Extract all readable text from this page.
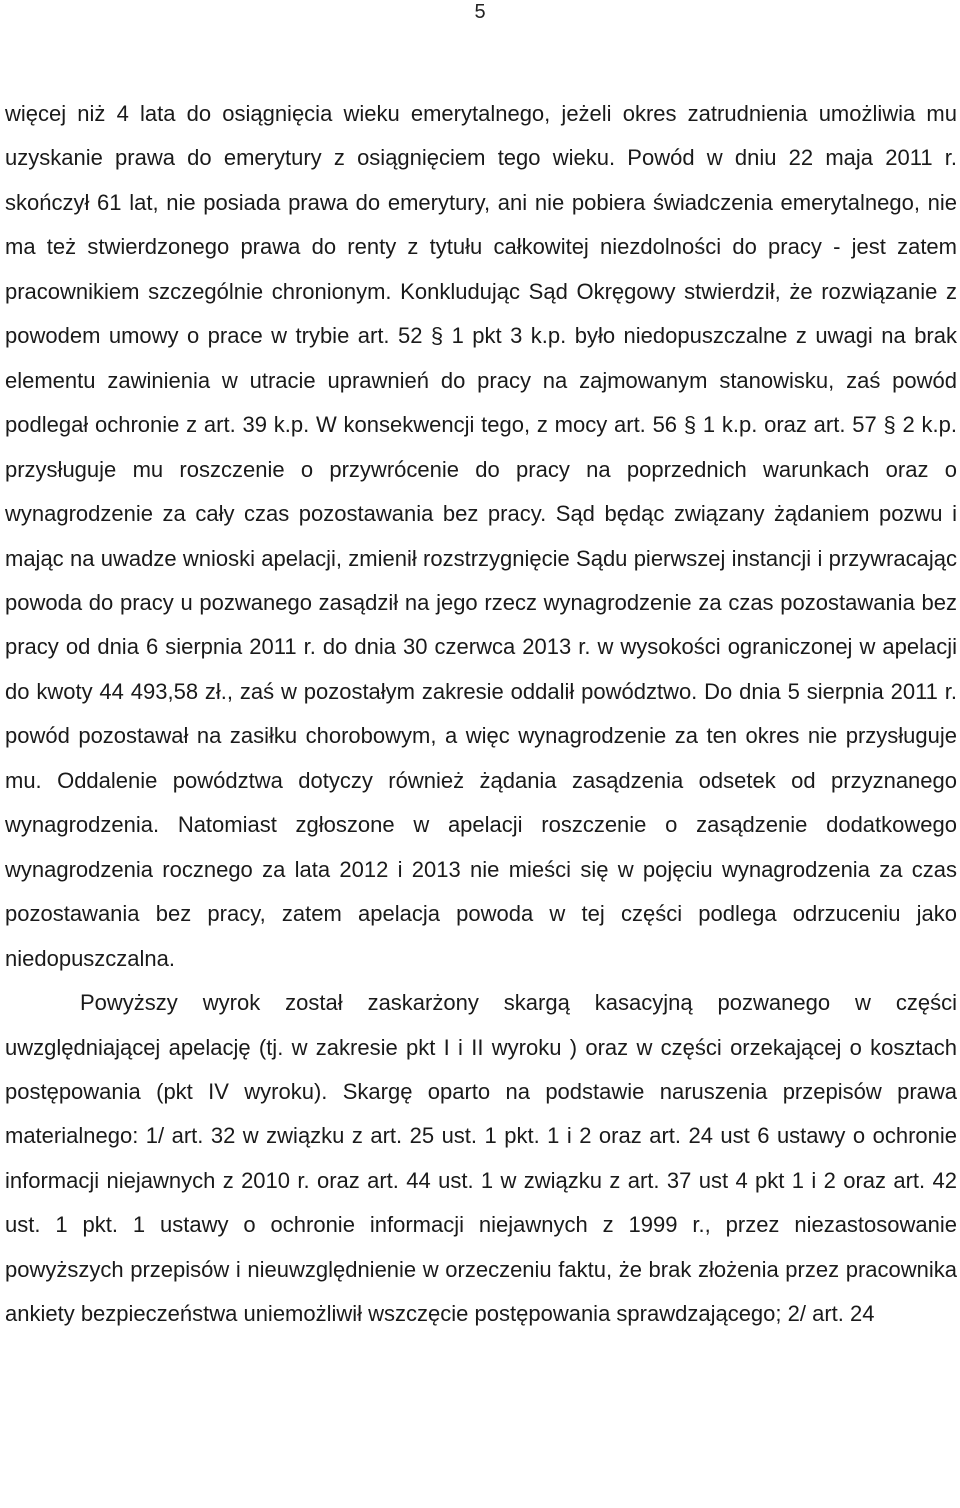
5

więcej niż 4 lata do osiągnięcia wieku emerytalnego, jeżeli okres zatrudnienia umożliwia mu uzyskanie prawa do emerytury z osiągnięciem tego wieku. Powód w dniu 22 maja 2011 r. skończył 61 lat, nie posiada prawa do emerytury, ani nie pobiera świadczenia emerytalnego, nie ma też stwierdzonego prawa do renty z tytułu całkowitej niezdolności do pracy - jest zatem pracownikiem szczególnie chronionym. Konkludując Sąd Okręgowy stwierdził, że rozwiązanie z powodem umowy o prace w trybie art. 52 § 1 pkt 3 k.p. było niedopuszczalne z uwagi na brak elementu zawinienia w utracie uprawnień do pracy na zajmowanym stanowisku, zaś powód podlegał ochronie z art. 39 k.p. W konsekwencji tego, z mocy art. 56 § 1 k.p. oraz art. 57 § 2 k.p. przysługuje mu roszczenie o przywrócenie do pracy na poprzednich warunkach oraz o wynagrodzenie za cały czas pozostawania bez pracy. Sąd będąc związany żądaniem pozwu i mając na uwadze wnioski apelacji, zmienił rozstrzygnięcie Sądu pierwszej instancji i przywracając powoda do pracy u pozwanego zasądził na jego rzecz wynagrodzenie za czas pozostawania bez pracy od dnia 6 sierpnia 2011 r. do dnia 30 czerwca 2013 r. w wysokości ograniczonej w apelacji do kwoty 44 493,58 zł., zaś w pozostałym zakresie oddalił powództwo. Do dnia 5 sierpnia 2011 r. powód pozostawał na zasiłku chorobowym, a więc wynagrodzenie za ten okres nie przysługuje mu. Oddalenie powództwa dotyczy również żądania zasądzenia odsetek od przyznanego wynagrodzenia. Natomiast zgłoszone w apelacji roszczenie o zasądzenie dodatkowego wynagrodzenia rocznego za lata 2012 i 2013 nie mieści się w pojęciu wynagrodzenia za czas pozostawania bez pracy, zatem apelacja powoda w tej części podlega odrzuceniu jako niedopuszczalna.

Powyższy wyrok został zaskarżony skargą kasacyjną pozwanego w części uwzględniającej apelację (tj. w zakresie pkt I i II wyroku ) oraz w części orzekającej o kosztach postępowania (pkt IV wyroku). Skargę oparto na podstawie naruszenia przepisów prawa materialnego: 1/ art. 32 w związku z art. 25 ust. 1 pkt. 1 i 2 oraz art. 24 ust 6 ustawy o ochronie informacji niejawnych z 2010 r. oraz art. 44 ust. 1 w związku z art. 37 ust 4 pkt 1 i 2 oraz art. 42 ust. 1 pkt. 1 ustawy o ochronie informacji niejawnych z 1999 r., przez niezastosowanie powyższych przepisów i nieuwzględnienie w orzeczeniu faktu, że brak złożenia przez pracownika ankiety bezpieczeństwa uniemożliwił wszczęcie postępowania sprawdzającego; 2/ art. 24
